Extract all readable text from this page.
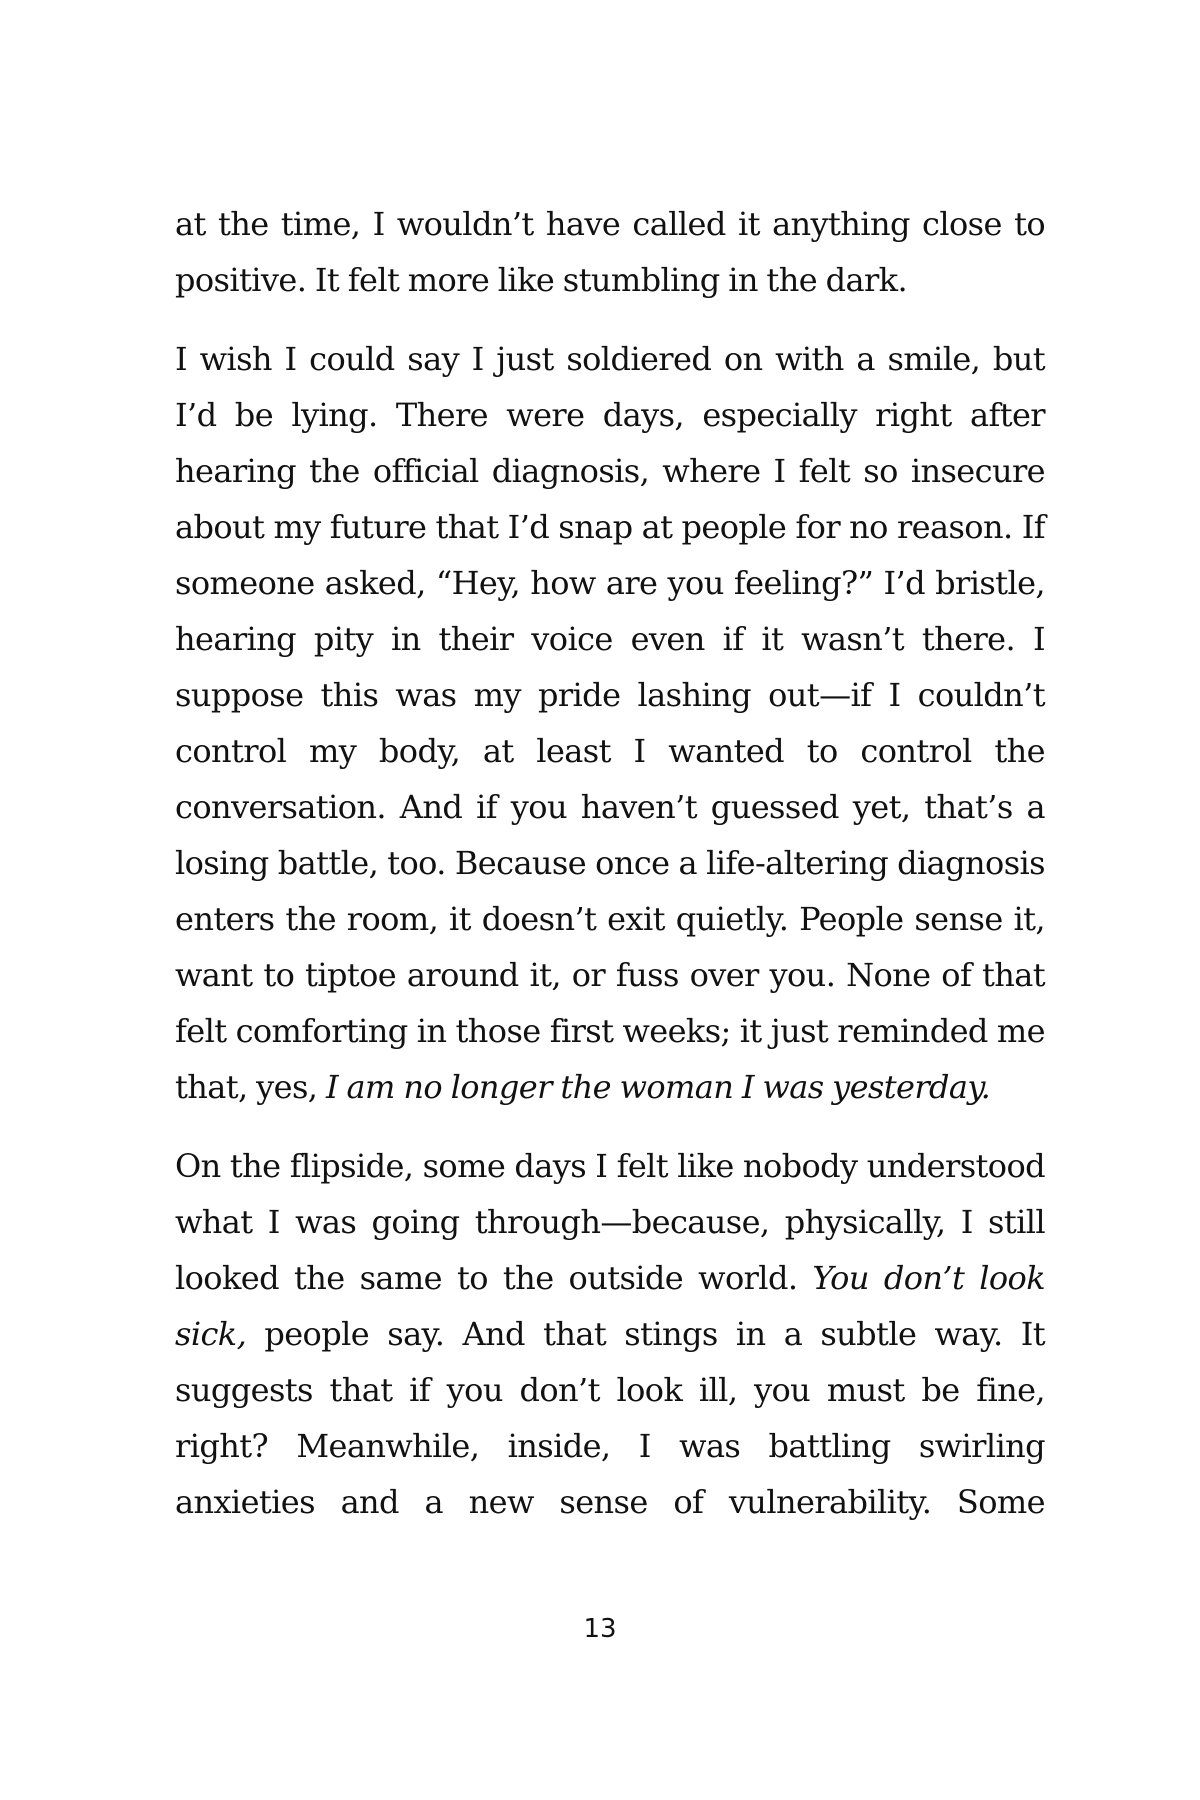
at the time, I wouldn’t have called it anything close to positive. It felt more like stumbling in the dark.

I wish I could say I just soldiered on with a smile, but I’d be lying. There were days, especially right after hearing the official diagnosis, where I felt so insecure about my future that I’d snap at people for no reason. If someone asked, “Hey, how are you feeling?” I’d bristle, hearing pity in their voice even if it wasn’t there. I suppose this was my pride lashing out—if I couldn’t control my body, at least I wanted to control the conversation. And if you haven’t guessed yet, that’s a losing battle, too. Because once a life-altering diagnosis enters the room, it doesn’t exit quietly. People sense it, want to tiptoe around it, or fuss over you. None of that felt comforting in those first weeks; it just reminded me that, yes, I am no longer the woman I was yesterday.

On the flipside, some days I felt like nobody understood what I was going through—because, physically, I still looked the same to the outside world. You don’t look sick, people say. And that stings in a subtle way. It suggests that if you don’t look ill, you must be fine, right? Meanwhile, inside, I was battling swirling anxieties and a new sense of vulnerability. Some

13
